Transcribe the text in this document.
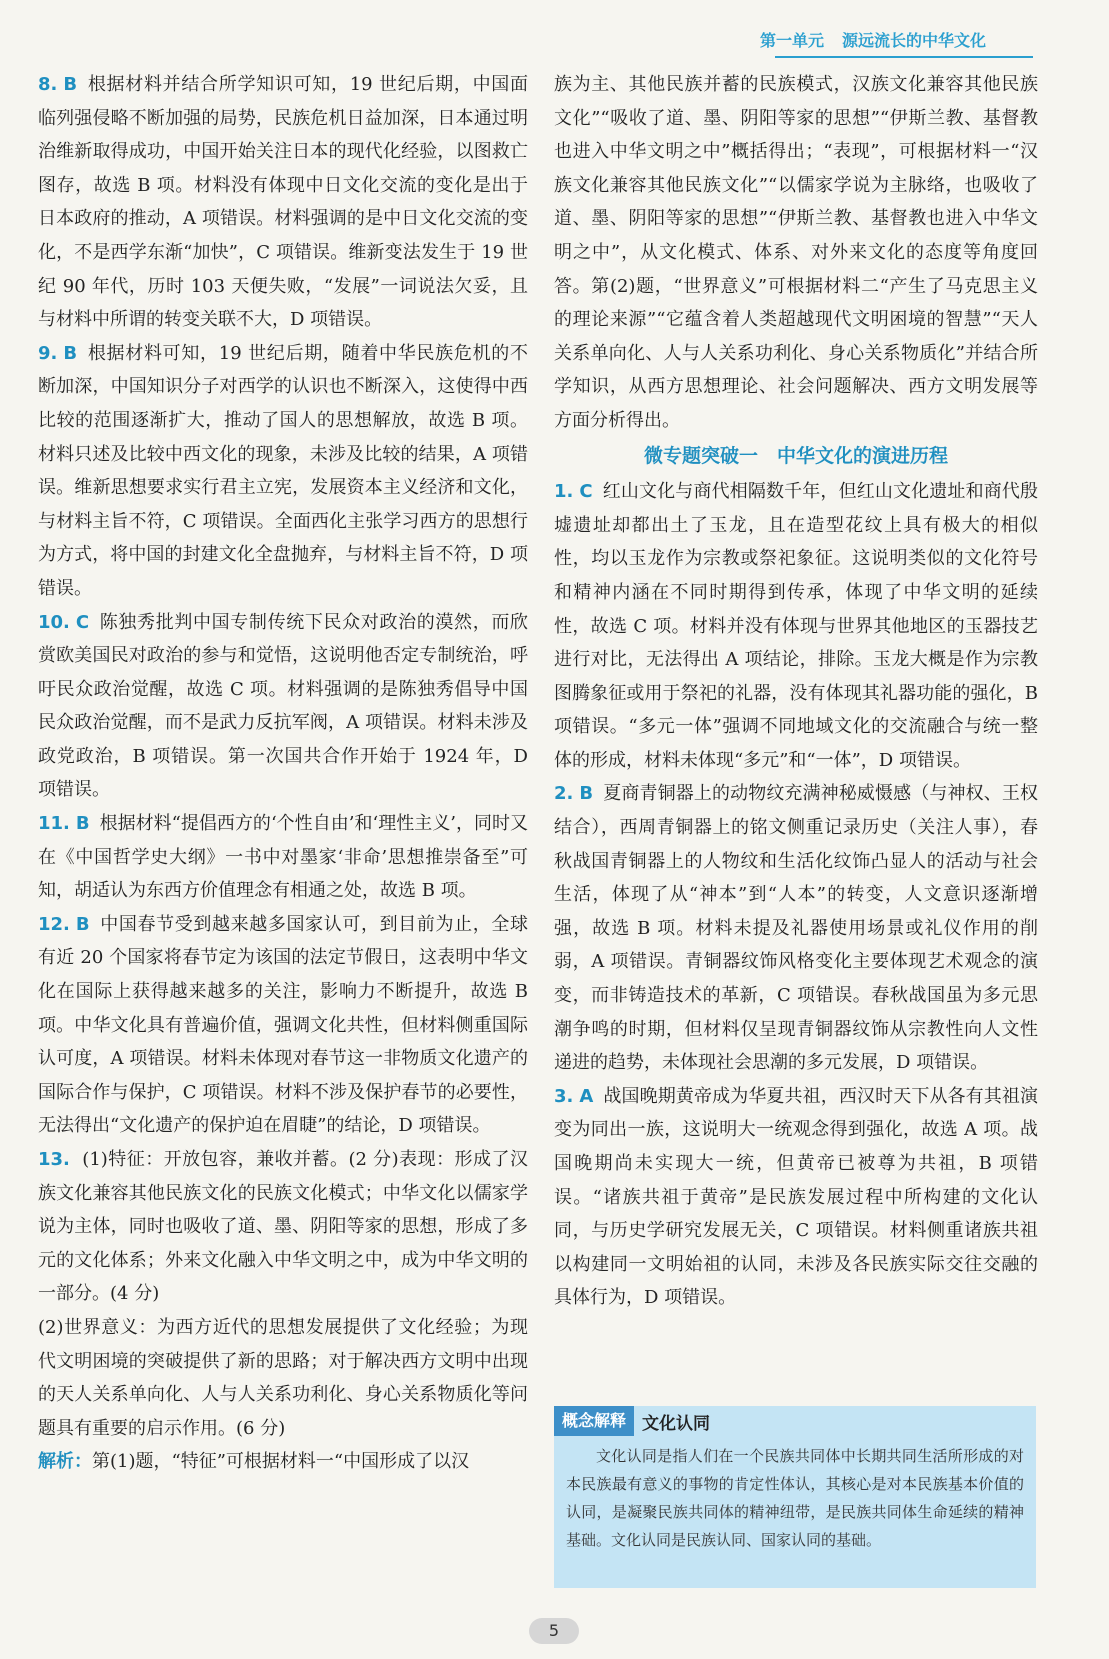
第一单元 源远流长的中华文化

8. B 根据材料并结合所学知识可知，19 世纪后期，中国面临列强侵略不断加强的局势，民族危机日益加深，日本通过明治维新取得成功，中国开始关注日本的现代化经验，以图救亡图存，故选 B 项。材料没有体现中日文化交流的变化是出于日本政府的推动，A 项错误。材料强调的是中日文化交流的变化，不是西学东渐“加快”，C 项错误。维新变法发生于 19 世纪 90 年代，历时 103 天便失败，“发展”一词说法欠妥，且与材料中所谓的转变关联不大，D 项错误。

9. B 根据材料可知，19 世纪后期，随着中华民族危机的不断加深，中国知识分子对西学的认识也不断深入，这使得中西比较的范围逐渐扩大，推动了国人的思想解放，故选 B 项。材料只述及比较中西文化的现象，未涉及比较的结果，A 项错误。维新思想要求实行君主立宪，发展资本主义经济和文化，与材料主旨不符，C 项错误。全面西化主张学习西方的思想行为方式，将中国的封建文化全盘抛弃，与材料主旨不符，D 项错误。

10. C 陈独秀批判中国专制传统下民众对政治的漠然，而欣赏欧美国民对政治的参与和觉悟，这说明他否定专制统治，呼吁民众政治觉醒，故选 C 项。材料强调的是陈独秀倡导中国民众政治觉醒，而不是武力反抗军阀，A 项错误。材料未涉及政党政治，B 项错误。第一次国共合作开始于 1924 年，D 项错误。

11. B 根据材料“提倡西方的‘个性自由’和‘理性主义’，同时又在《中国哲学史大纲》一书中对墨家‘非命’思想推崇备至”可知，胡适认为东西方价值理念有相通之处，故选 B 项。

12. B 中国春节受到越来越多国家认可，到目前为止，全球有近 20 个国家将春节定为该国的法定节假日，这表明中华文化在国际上获得越来越多的关注，影响力不断提升，故选 B 项。中华文化具有普遍价值，强调文化共性，但材料侧重国际认可度，A 项错误。材料未体现对春节这一非物质文化遗产的国际合作与保护，C 项错误。材料不涉及保护春节的必要性，无法得出“文化遗产的保护迫在眉睫”的结论，D 项错误。

13. (1)特征：开放包容，兼收并蓄。(2 分)表现：形成了汉族文化兼容其他民族文化的民族文化模式；中华文化以儒家学说为主体，同时也吸收了道、墨、阴阳等家的思想，形成了多元的文化体系；外来文化融入中华文明之中，成为中华文明的一部分。(4 分)

(2)世界意义：为西方近代的思想发展提供了文化经验；为现代文明困境的突破提供了新的思路；对于解决西方文明中出现的天人关系单向化、人与人关系功利化、身心关系物质化等问题具有重要的启示作用。(6 分)

解析：第(1)题，“特征”可根据材料一“中国形成了以汉

族为主、其他民族并蓄的民族模式，汉族文化兼容其他民族文化”“吸收了道、墨、阴阳等家的思想”“伊斯兰教、基督教也进入中华文明之中”概括得出；“表现”，可根据材料一“汉族文化兼容其他民族文化”“以儒家学说为主脉络，也吸收了道、墨、阴阳等家的思想”“伊斯兰教、基督教也进入中华文明之中”，从文化模式、体系、对外来文化的态度等角度回答。第(2)题，“世界意义”可根据材料二“产生了马克思主义的理论来源”“它蕴含着人类超越现代文明困境的智慧”“天人关系单向化、人与人关系功利化、身心关系物质化”并结合所学知识，从西方思想理论、社会问题解决、西方文明发展等方面分析得出。

微专题突破一　中华文化的演进历程

1. C 红山文化与商代相隔数千年，但红山文化遗址和商代殷墟遗址却都出土了玉龙，且在造型花纹上具有极大的相似性，均以玉龙作为宗教或祭祀象征。这说明类似的文化符号和精神内涵在不同时期得到传承，体现了中华文明的延续性，故选 C 项。材料并没有体现与世界其他地区的玉器技艺进行对比，无法得出 A 项结论，排除。玉龙大概是作为宗教图腾象征或用于祭祀的礼器，没有体现其礼器功能的强化，B 项错误。“多元一体”强调不同地域文化的交流融合与统一整体的形成，材料未体现“多元”和“一体”，D 项错误。

2. B 夏商青铜器上的动物纹充满神秘威慑感（与神权、王权结合），西周青铜器上的铭文侧重记录历史（关注人事），春秋战国青铜器上的人物纹和生活化纹饰凸显人的活动与社会生活，体现了从“神本”到“人本”的转变，人文意识逐渐增强，故选 B 项。材料未提及礼器使用场景或礼仪作用的削弱，A 项错误。青铜器纹饰风格变化主要体现艺术观念的演变，而非铸造技术的革新，C 项错误。春秋战国虽为多元思潮争鸣的时期，但材料仅呈现青铜器纹饰从宗教性向人文性递进的趋势，未体现社会思潮的多元发展，D 项错误。

3. A 战国晚期黄帝成为华夏共祖，西汉时天下从各有其祖演变为同出一族，这说明大一统观念得到强化，故选 A 项。战国晚期尚未实现大一统，但黄帝已被尊为共祖，B 项错误。“诸族共祖于黄帝”是民族发展过程中所构建的文化认同，与历史学研究发展无关，C 项错误。材料侧重诸族共祖以构建同一文明始祖的认同，未涉及各民族实际交往交融的具体行为，D 项错误。

概念解释 文化认同
文化认同是指人们在一个民族共同体中长期共同生活所形成的对本民族最有意义的事物的肯定性体认，其核心是对本民族基本价值的认同，是凝聚民族共同体的精神纽带，是民族共同体生命延续的精神基础。文化认同是民族认同、国家认同的基础。
5
